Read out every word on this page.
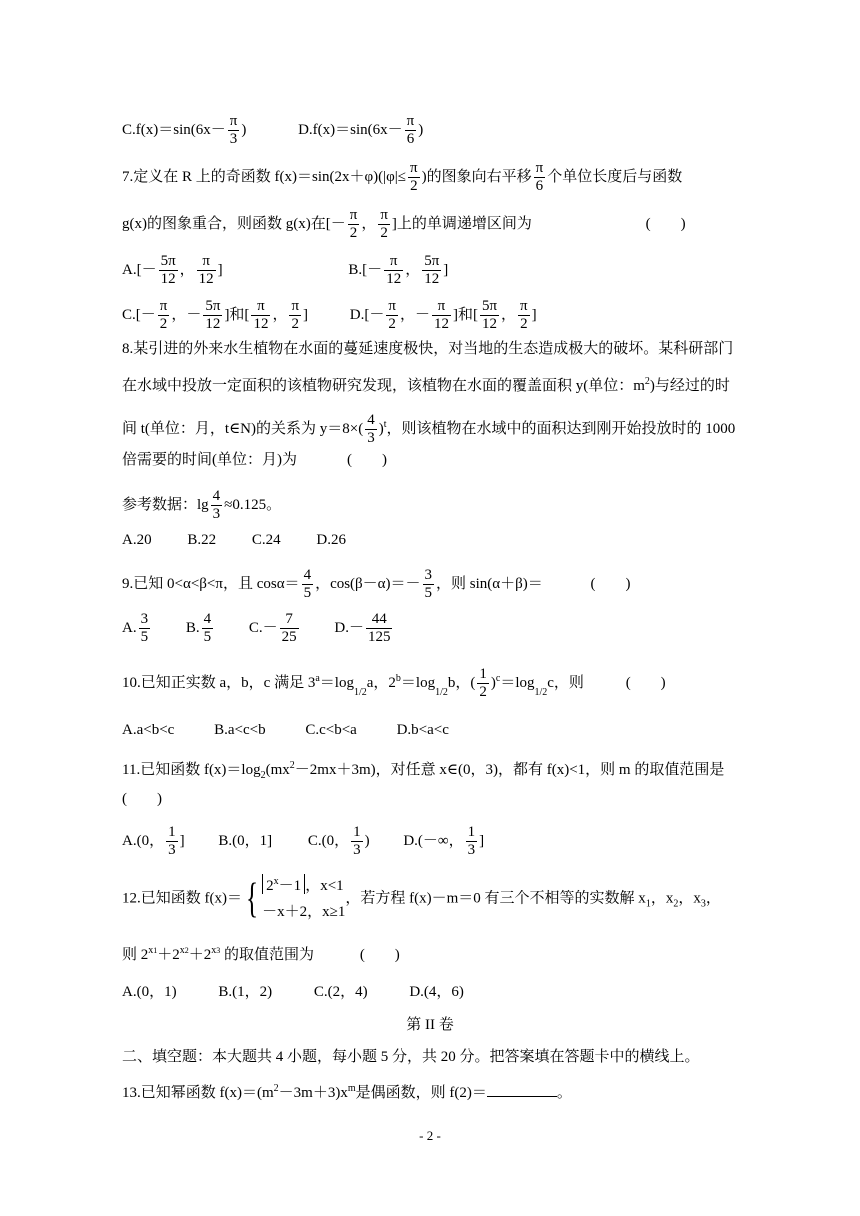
$C.f(x)=\sin(6x- \frac{\pi}{3}$ )	$D.f(x)=\sin(6x- \frac{\pi}{6}$ )
7.定义在 R 上的奇函数 $f(x)=\sin(2x+\varphi)(|\varphi|\le \frac{\pi}{2}$ )的图象向右平移 $\frac{\pi}{6}$ 个单位长度后与函数
g(x)的图象重合，则函数 g(x)在[－ $\frac{\pi}{2}$ ， $\frac{\pi}{2}$ ]上的单调递增区间为	(　　)
$A.[- \frac{5\pi}{12}$ ， $\frac{\pi}{12}$ ]	$B.[- \frac{\pi}{12}$ ， $\frac{5\pi}{12}$ ]
$C.[- \frac{\pi}{2}$ ，－ $\frac{5\pi}{12}$ ]和[ $\frac{\pi}{12}$ ， $\frac{\pi}{2}$ ]	$D.[- \frac{\pi}{2}$ ，－ $\frac{\pi}{12}$ ]和[ $\frac{5\pi}{12}$ ， $\frac{\pi}{2}$ ]
8.某引进的外来水生植物在水面的蔓延速度极快，对当地的生态造成极大的破坏。某科研部门
在水域中投放一定面积的该植物研究发现，该植物在水面的覆盖面积 y(单位：$m^2$)与经过的时
间 t(单位：月，t∈N)的关系为 $y=8\times( \frac{4}{3} )^t$，则该植物在水域中的面积达到刚开始投放时的 1000
倍需要的时间(单位：月)为	(　　)
参考数据：$\lg \frac{4}{3} \approx 0.125$。
A.20 B.22 C.24 D.26
9.已知 0<α<β<π，且 $\cos\alpha= \frac{4}{5}$ ，$\cos(\beta-\alpha)=- \frac{3}{5}$ ，则 sin(α＋β)＝	(　　)
A. $\frac{3}{5} B$. $\frac{4}{5} C.- \frac{7}{25} D.- \frac{44}{125}$
10.已知正实数 a，b，c 满足 $3^a=\log 1/2a$，$2^b=\log 1/2b$，( $\frac{1}{2} )^c=\log 1/2c$，则	(　　)
A.a<b<c	B.a<c<b	C.c<b<a	D.b<a<c
11.已知函数 $f(x)=\log_2(mx^2-2mx+3m)$，对任意 x∈(0，3)，都有 f(x)<1，则 m 的取值范围是
(　　)
A.(0， $\frac{1}{3}$ ] B.(0，1] C.(0， $\frac{1}{3}$ ) D.(－∞， $\frac{1}{3}$ ]
12.已知函数 f(x)＝{ $2^x-1$ ，x<1
－x＋2，x≥1
，若方程 f(x)－m＝0 有三个不相等的实数解 $x_1$，$x_2$，$x_3$，
则 $2^{x1}+2^{x2}+2^{x3}$ 的取值范围为	(　　)
A.(0，1)	B.(1，2)	C.(2，4)	D.(4，6)
第 II 卷
二、填空题：本大题共 4 小题，每小题 5 分，共 20 分。把答案填在答题卡中的横线上。
13.已知幂函数 $f(x)=(m^2-3m+3)x^m$是偶函数，则 f(2)＝	。
- 2 -
